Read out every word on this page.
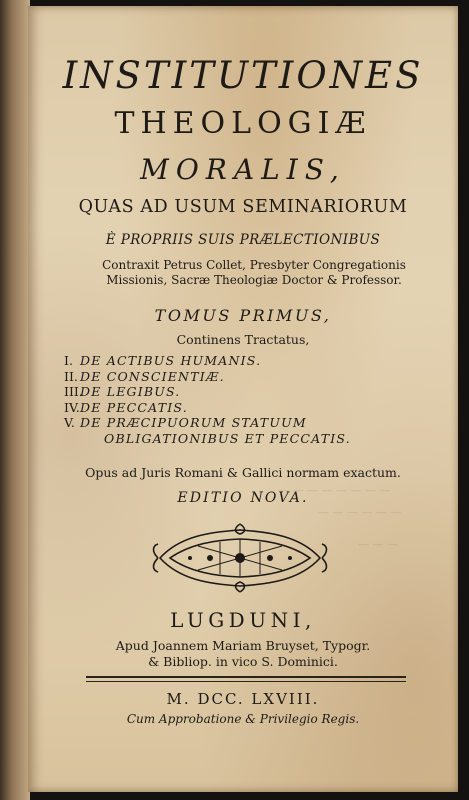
— — — — — — — —
— — — — — —
— — —
INSTITUTIONES
THEOLOGIÆ
MORALIS,
QUAS AD USUM SEMINARIORUM
È PROPRIIS SUIS PRÆLECTIONIBUS
Contraxit Petrus Collet, Presbyter Congregationis
Missionis, Sacræ Theologiæ Doctor & Professor.
TOMUS PRIMUS,
Continens Tractatus,
I. DE ACTIBUS HUMANIS.
II. DE CONSCIENTIÆ.
III.
DE LEGIBUS.
IV. DE PECCATIS.
V. DE PRÆCIPUORUM STATUUM
OBLIGATIONIBUS ET PECCATIS.
Opus ad Juris Romani & Gallici normam exactum.
EDITIO NOVA.
LUGDUNI,
Apud Joannem Mariam Bruyset, Typogr.
& Bibliop. in vico S. Dominici.
M. DCC. LXVIII.
Cum Approbatione & Privilegio Regis.
